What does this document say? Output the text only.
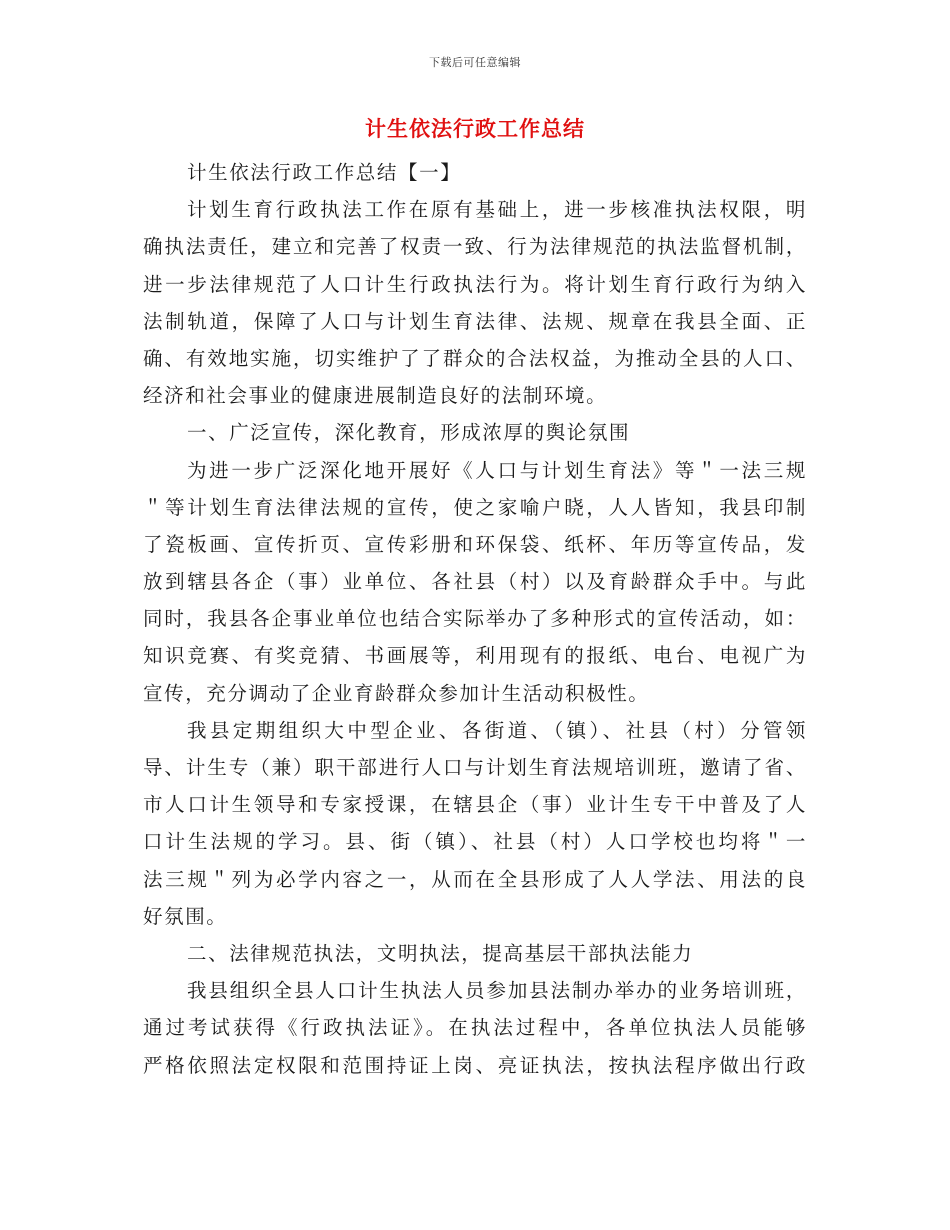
下载后可任意编辑
计生依法行政工作总结
计生依法行政工作总结【一】
计划生育行政执法工作在原有基础上，进一步核准执法权限，明
确执法责任，建立和完善了权责一致、行为法律规范的执法监督机制，
进一步法律规范了人口计生行政执法行为。将计划生育行政行为纳入
法制轨道，保障了人口与计划生育法律、法规、规章在我县全面、正
确、有效地实施，切实维护了了群众的合法权益，为推动全县的人口、
经济和社会事业的健康进展制造良好的法制环境。
一、广泛宣传，深化教育，形成浓厚的舆论氛围
为进一步广泛深化地开展好《人口与计划生育法》等＂一法三规
＂等计划生育法律法规的宣传，使之家喻户晓，人人皆知，我县印制
了瓷板画、宣传折页、宣传彩册和环保袋、纸杯、年历等宣传品，发
放到辖县各企（事）业单位、各社县（村）以及育龄群众手中。与此
同时，我县各企事业单位也结合实际举办了多种形式的宣传活动，如：
知识竞赛、有奖竞猜、书画展等，利用现有的报纸、电台、电视广为
宣传，充分调动了企业育龄群众参加计生活动积极性。
我县定期组织大中型企业、各街道、（镇）、社县（村）分管领
导、计生专（兼）职干部进行人口与计划生育法规培训班，邀请了省、
市人口计生领导和专家授课，在辖县企（事）业计生专干中普及了人
口计生法规的学习。县、街（镇）、社县（村）人口学校也均将＂一
法三规＂列为必学内容之一，从而在全县形成了人人学法、用法的良
好氛围。
二、法律规范执法，文明执法，提高基层干部执法能力
我县组织全县人口计生执法人员参加县法制办举办的业务培训班，
通过考试获得《行政执法证》。在执法过程中，各单位执法人员能够
严格依照法定权限和范围持证上岗、亮证执法，按执法程序做出行政
